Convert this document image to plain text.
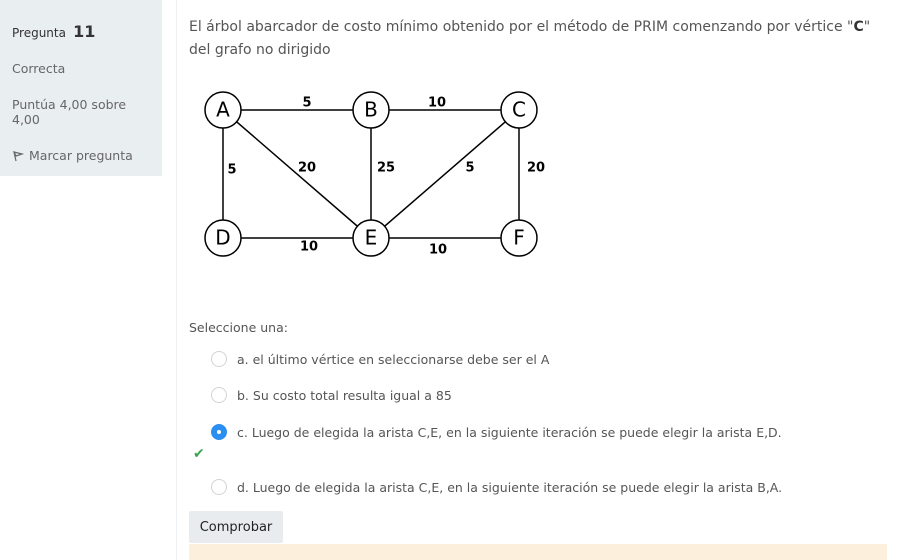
Pregunta 11
Correcta
Puntúa 4,00 sobre 4,00
Marcar pregunta
El árbol abarcador de costo mínimo obtenido por el método de PRIM comenzando por vértice "C" del grafo no dirigido
5	10
5	20	25	5	20
10	10
A	B	C
D	E	F
Seleccione una:
a. el último vértice en seleccionarse debe ser el A
b. Su costo total resulta igual a 85
c. Luego de elegida la arista C,E, en la siguiente iteración se puede elegir la arista E,D.
✔
d. Luego de elegida la arista C,E, en la siguiente iteración se puede elegir la arista B,A.
Comprobar
